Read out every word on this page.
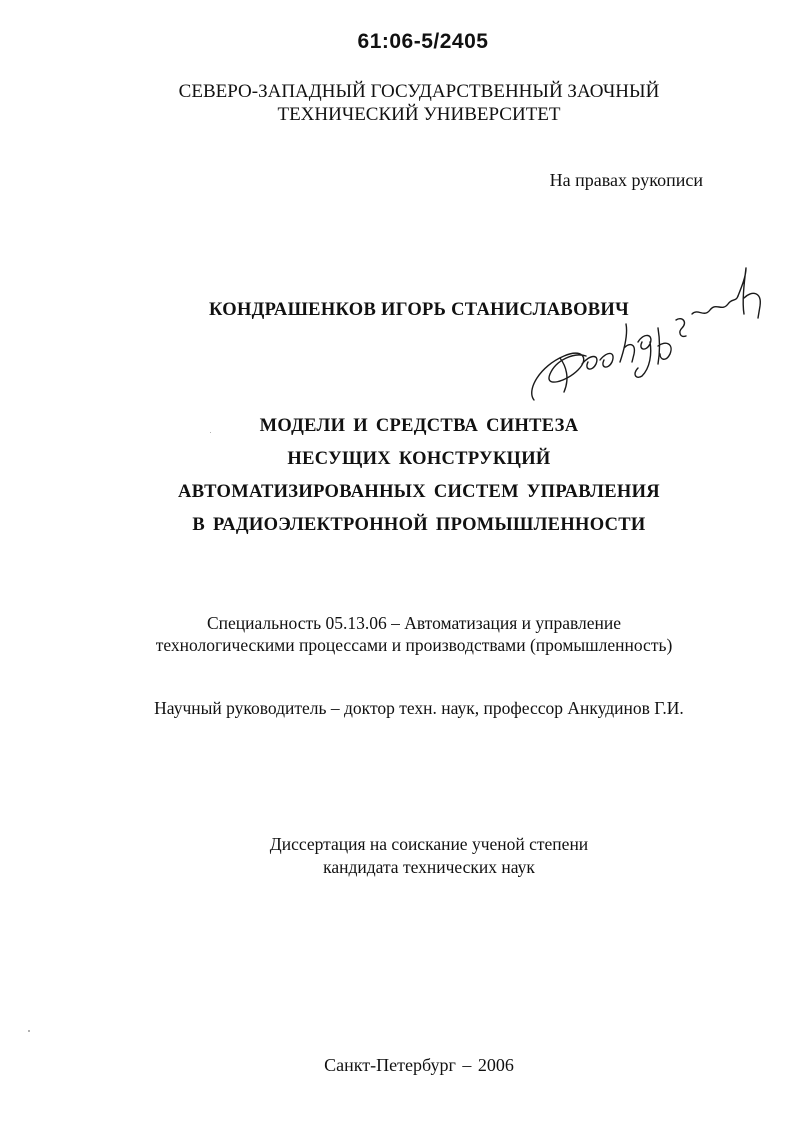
61:06-5/2405
СЕВЕРО-ЗАПАДНЫЙ ГОСУДАРСТВЕННЫЙ ЗАОЧНЫЙ
ТЕХНИЧЕСКИЙ УНИВЕРСИТЕТ
На правах рукописи
КОНДРАШЕНКОВ ИГОРЬ СТАНИСЛАВОВИЧ
МОДЕЛИ И СРЕДСТВА СИНТЕЗА
НЕСУЩИХ КОНСТРУКЦИЙ
АВТОМАТИЗИРОВАННЫХ СИСТЕМ УПРАВЛЕНИЯ
В РАДИОЭЛЕКТРОННОЙ ПРОМЫШЛЕННОСТИ
Специальность 05.13.06 – Автоматизация и управление
технологическими процессами и производствами (промышленность)
Научный руководитель – доктор техн. наук, профессор Анкудинов Г.И.
Диссертация на соискание ученой степени
кандидата технических наук
Санкт-Петербург – 2006
